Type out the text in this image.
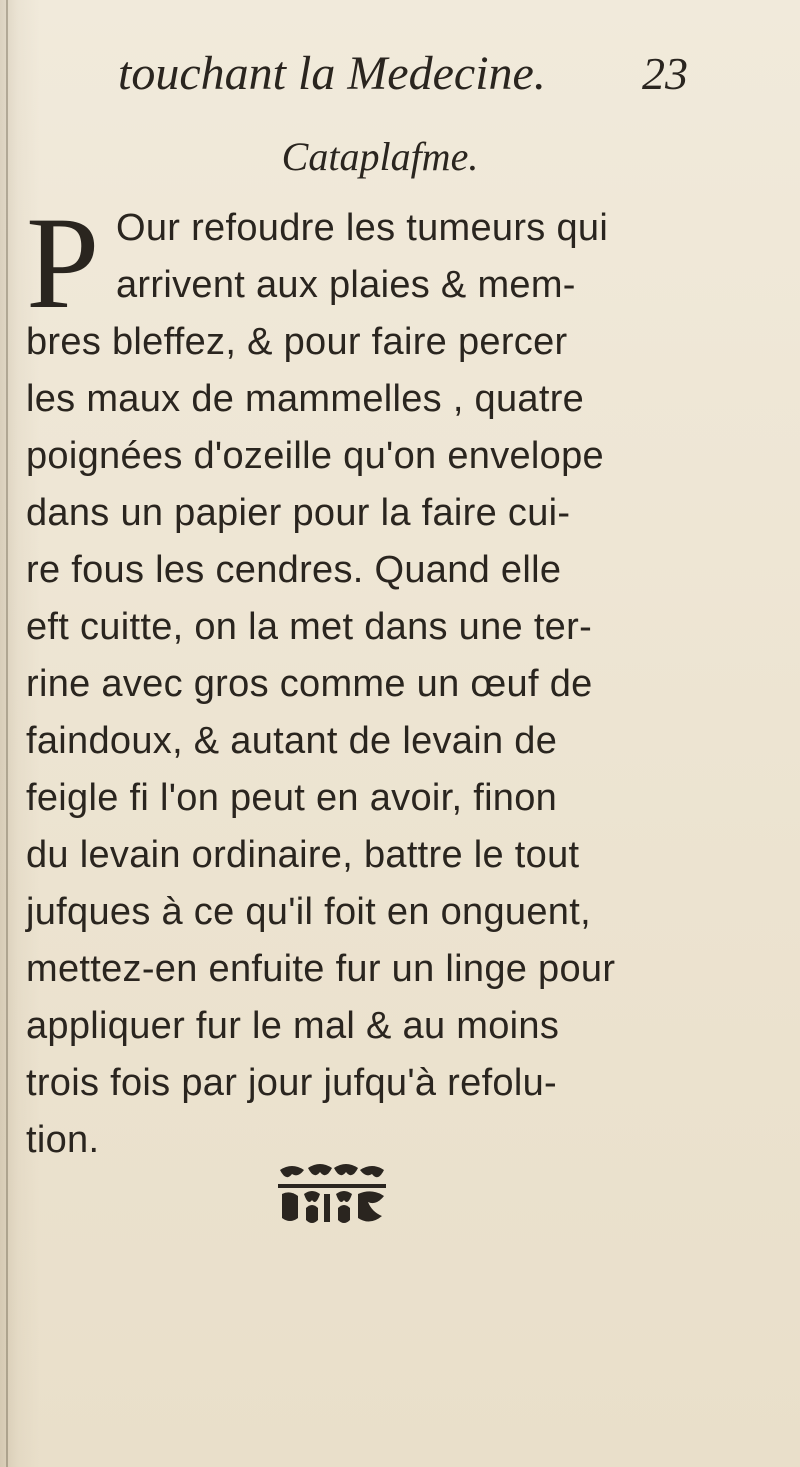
touchant la Medecine. 23
Cataplafme.
P Our refoudre les tumeurs qui
arrivent aux plaies & mem-
bres bleffez, & pour faire percer
les maux de mammelles , quatre
poignées d'ozeille qu'on envelope
dans un papier pour la faire cui-
re fous les cendres. Quand elle
eft cuitte, on la met dans une ter-
rine avec gros comme un œuf de
faindoux, & autant de levain de
feigle fi l'on peut en avoir, finon
du levain ordinaire, battre le tout
jufques à ce qu'il foit en onguent,
mettez-en enfuite fur un linge pour
appliquer fur le mal & au moins
trois fois par jour jufqu'à refolu-
tion.
